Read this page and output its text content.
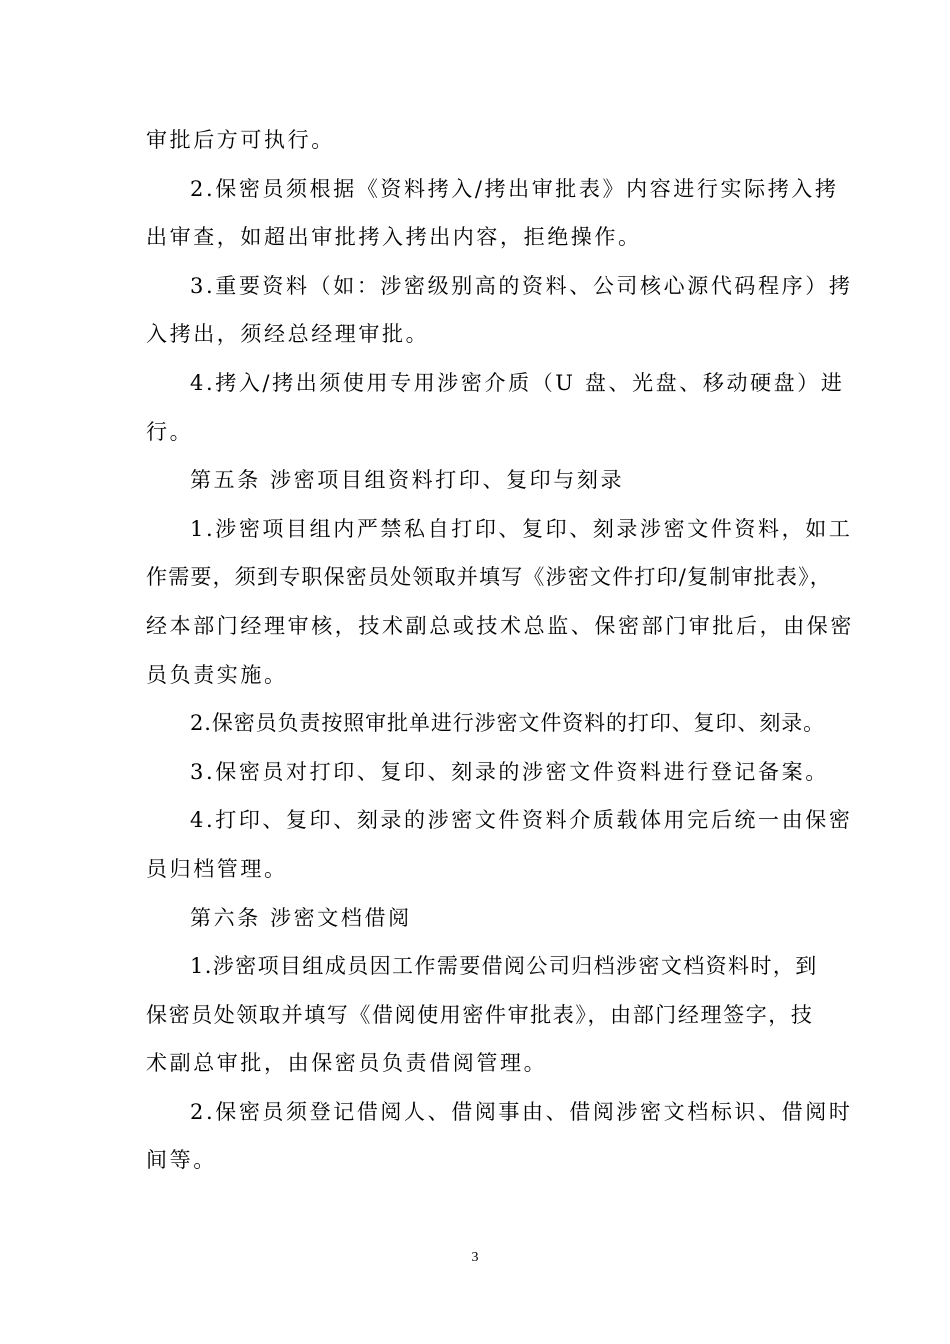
审批后方可执行。
2.保密员须根据《资料拷入/拷出审批表》内容进行实际拷入拷
出审查，如超出审批拷入拷出内容，拒绝操作。
3.重要资料（如：涉密级别高的资料、公司核心源代码程序）拷
入拷出，须经总经理审批。
4.拷入/拷出须使用专用涉密介质（U 盘、光盘、移动硬盘）进
行。
第五条 涉密项目组资料打印、复印与刻录
1.涉密项目组内严禁私自打印、复印、刻录涉密文件资料，如工
作需要，须到专职保密员处领取并填写《涉密文件打印/复制审批表》，
经本部门经理审核，技术副总或技术总监、保密部门审批后，由保密
员负责实施。
2.保密员负责按照审批单进行涉密文件资料的打印、复印、刻录。
3.保密员对打印、复印、刻录的涉密文件资料进行登记备案。
4.打印、复印、刻录的涉密文件资料介质载体用完后统一由保密
员归档管理。
第六条 涉密文档借阅
1.涉密项目组成员因工作需要借阅公司归档涉密文档资料时，到
保密员处领取并填写《借阅使用密件审批表》，由部门经理签字，技
术副总审批，由保密员负责借阅管理。
2.保密员须登记借阅人、借阅事由、借阅涉密文档标识、借阅时
间等。
3
